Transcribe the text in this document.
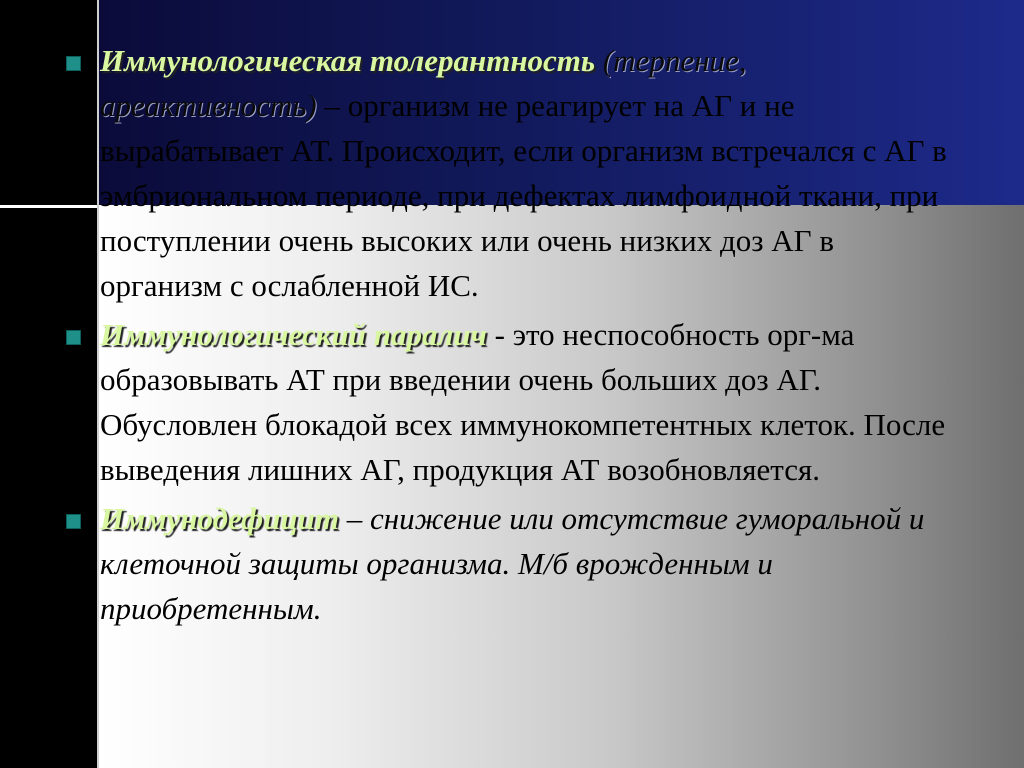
Иммунологическая толерантность (терпение, ареактивность) – организм не реагирует на АГ и не вырабатывает АТ. Происходит, если организм встречался с АГ в эмбриональном периоде, при дефектах лимфоидной ткани, при поступлении очень высоких или очень низких доз АГ в организм с ослабленной ИС.
Иммунологический паралич - это неспособность орг-ма образовывать АТ при введении очень больших доз АГ. Обусловлен блокадой всех иммунокомпетентных клеток. После выведения лишних АГ, продукция АТ возобновляется.
Иммунодефицит – снижение или отсутствие гуморальной и клеточной защиты организма. М/б врожденным и приобретенным.
